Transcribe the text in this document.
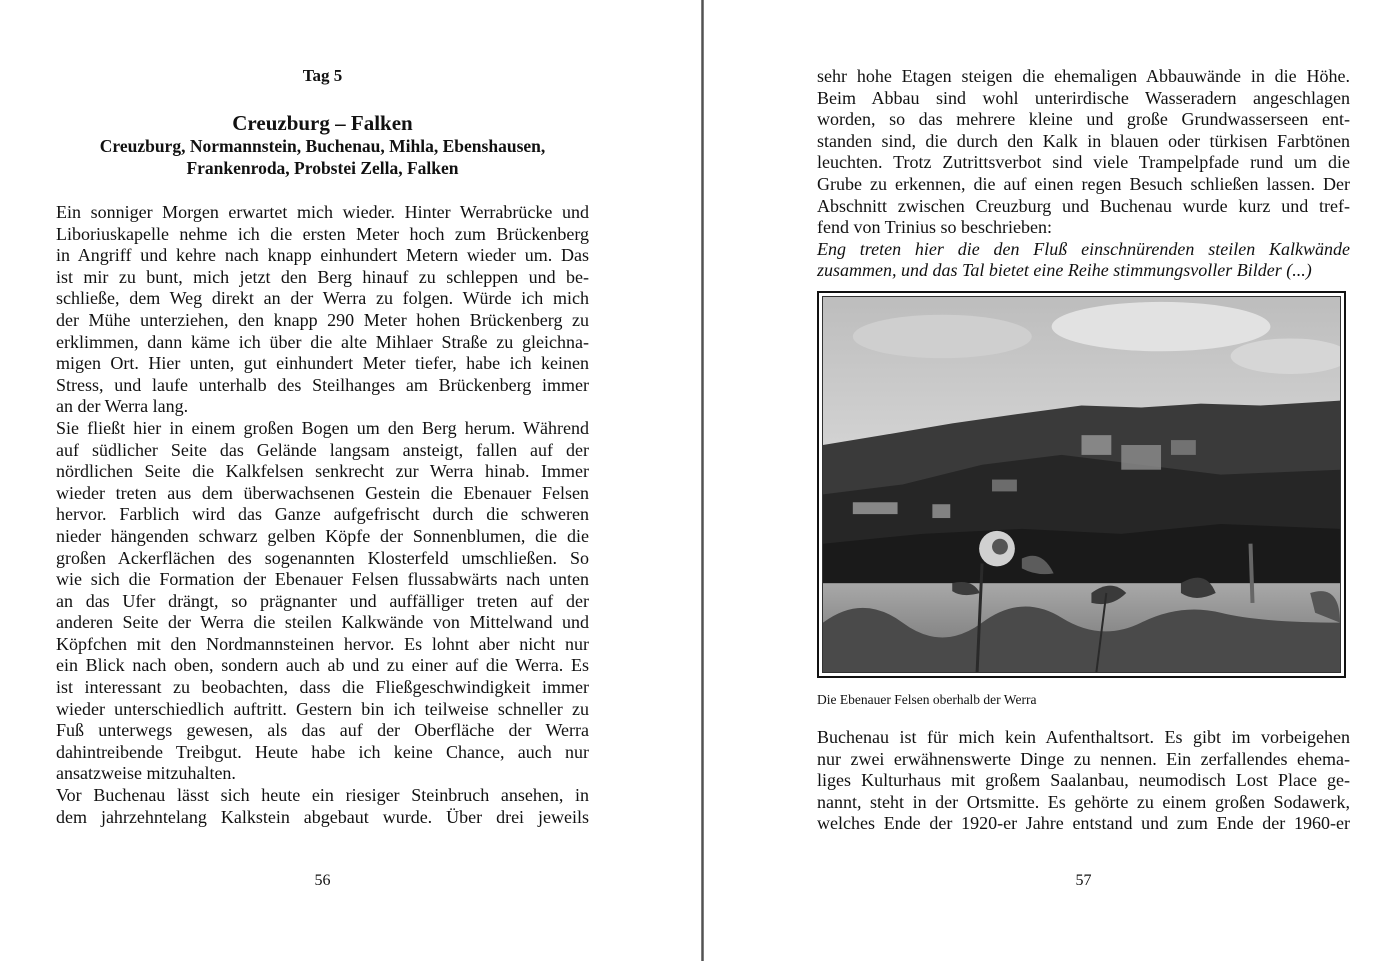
Tag 5
Creuzburg – Falken
Creuzburg, Normannstein, Buchenau, Mihla, Ebenshausen,
Frankenroda, Probstei Zella, Falken
Ein sonniger Morgen erwartet mich wieder. Hinter Werrabrücke und
Liboriuskapelle nehme ich die ersten Meter hoch zum Brückenberg
in Angriff und kehre nach knapp einhundert Metern wieder um. Das
ist mir zu bunt, mich jetzt den Berg hinauf zu schleppen und be-
schließe, dem Weg direkt an der Werra zu folgen. Würde ich mich
der Mühe unterziehen, den knapp 290 Meter hohen Brückenberg zu
erklimmen, dann käme ich über die alte Mihlaer Straße zu gleichna-
migen Ort. Hier unten, gut einhundert Meter tiefer, habe ich keinen
Stress, und laufe unterhalb des Steilhanges am Brückenberg immer
an der Werra lang.
Sie fließt hier in einem großen Bogen um den Berg herum. Während
auf südlicher Seite das Gelände langsam ansteigt, fallen auf der
nördlichen Seite die Kalkfelsen senkrecht zur Werra hinab. Immer
wieder treten aus dem überwachsenen Gestein die Ebenauer Felsen
hervor. Farblich wird das Ganze aufgefrischt durch die schweren
nieder hängenden schwarz gelben Köpfe der Sonnenblumen, die die
großen Ackerflächen des sogenannten Klosterfeld umschließen. So
wie sich die Formation der Ebenauer Felsen flussabwärts nach unten
an das Ufer drängt, so prägnanter und auffälliger treten auf der
anderen Seite der Werra die steilen Kalkwände von Mittelwand und
Köpfchen mit den Nordmannsteinen hervor. Es lohnt aber nicht nur
ein Blick nach oben, sondern auch ab und zu einer auf die Werra. Es
ist interessant zu beobachten, dass die Fließgeschwindigkeit immer
wieder unterschiedlich auftritt. Gestern bin ich teilweise schneller zu
Fuß unterwegs gewesen, als das auf der Oberfläche der Werra
dahintreibende Treibgut. Heute habe ich keine Chance, auch nur
ansatzweise mitzuhalten.
Vor Buchenau lässt sich heute ein riesiger Steinbruch ansehen, in
dem jahrzehntelang Kalkstein abgebaut wurde. Über drei jeweils
56
sehr hohe Etagen steigen die ehemaligen Abbauwände in die Höhe.
Beim Abbau sind wohl unterirdische Wasseradern angeschlagen
worden, so das mehrere kleine und große Grundwasserseen ent-
standen sind, die durch den Kalk in blauen oder türkisen Farbtönen
leuchten. Trotz Zutrittsverbot sind viele Trampelpfade rund um die
Grube zu erkennen, die auf einen regen Besuch schließen lassen. Der
Abschnitt zwischen Creuzburg und Buchenau wurde kurz und tref-
fend von Trinius so beschrieben:
Eng treten hier die den Fluß einschnürenden steilen Kalkwände
zusammen, und das Tal bietet eine Reihe stimmungsvoller Bilder (...)
Die Ebenauer Felsen oberhalb der Werra
Buchenau ist für mich kein Aufenthaltsort. Es gibt im vorbeigehen
nur zwei erwähnenswerte Dinge zu nennen. Ein zerfallendes ehema-
liges Kulturhaus mit großem Saalanbau, neumodisch Lost Place ge-
nannt, steht in der Ortsmitte. Es gehörte zu einem großen Sodawerk,
welches Ende der 1920-er Jahre entstand und zum Ende der 1960-er
57
